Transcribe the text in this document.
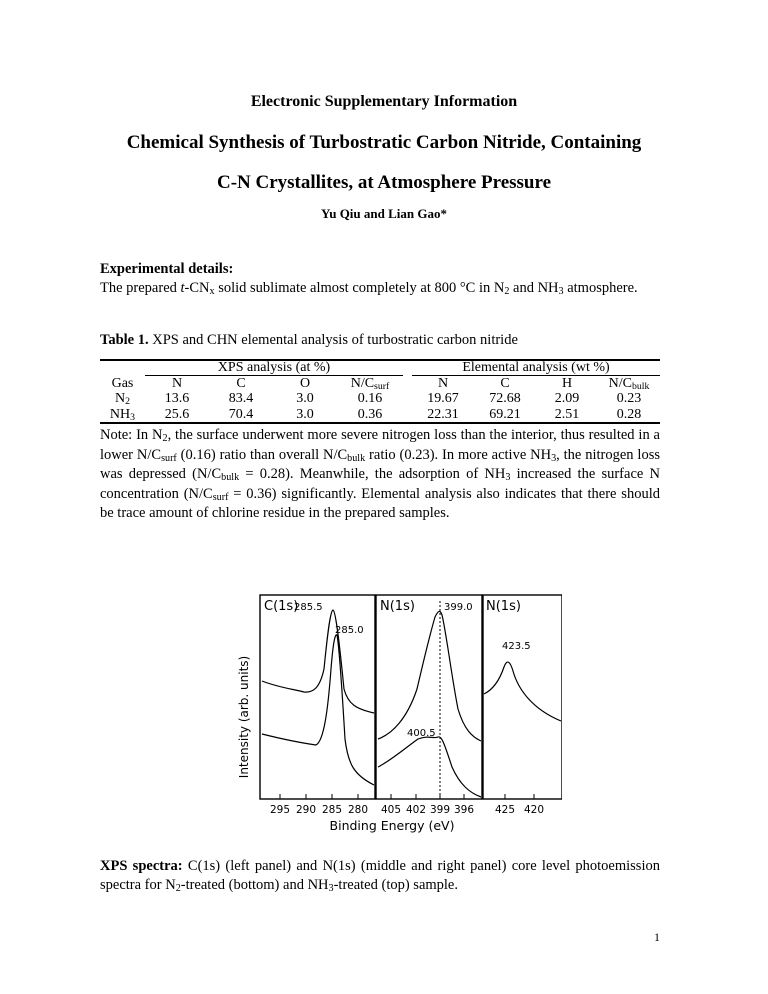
Electronic Supplementary Information
Chemical Synthesis of Turbostratic Carbon Nitride, Containing
C-N Crystallites, at Atmosphere Pressure
Yu Qiu and Lian Gao*
Experimental details:
The prepared $t-CN_x$ solid sublimate almost completely at 800 °C in $N_2$ and $NH_3$ atmosphere.
Table 1. XPS and CHN elemental analysis of turbostratic carbon nitride
	XPS analysis (at %)					Elemental analysis (wt %)			
Gas	N	C	O	$N/C_{surf}$		N	C	H	$N/C_{bulk}$
$N_2$	13.6	83.4	3.0	0.16		19.67	72.68	2.09	0.23
$NH_3$	25.6	70.4	3.0	0.36		22.31	69.21	2.51	0.28
Note: In $N_2$, the surface underwent more severe nitrogen loss than the interior, thus resulted in a lower $N/C_{surf}$ (0.16) ratio than overall $N/C_{bulk}$ ratio (0.23). In more active $NH_3$, the nitrogen loss was depressed $(N/C_{bulk} = 0.28)$. Meanwhile, the adsorption of $NH_3$ increased the surface N concentration $(N/C_{surf} = 0.36)$ significantly. Elemental analysis also indicates that there should be trace amount of chlorine residue in the prepared samples.
Intensity (arb. units)
C(1s)	N(1s)	N(1s)
285.5
285.0
399.0
400.5
423.5
295 290 285 280 405 402 399 396 425 420
Binding Energy (eV)
XPS spectra: C(1s) (left panel) and N(1s) (middle and right panel) core level photoemission spectra for $N_2$-treated (bottom) and $NH_3$-treated (top) sample.
1
